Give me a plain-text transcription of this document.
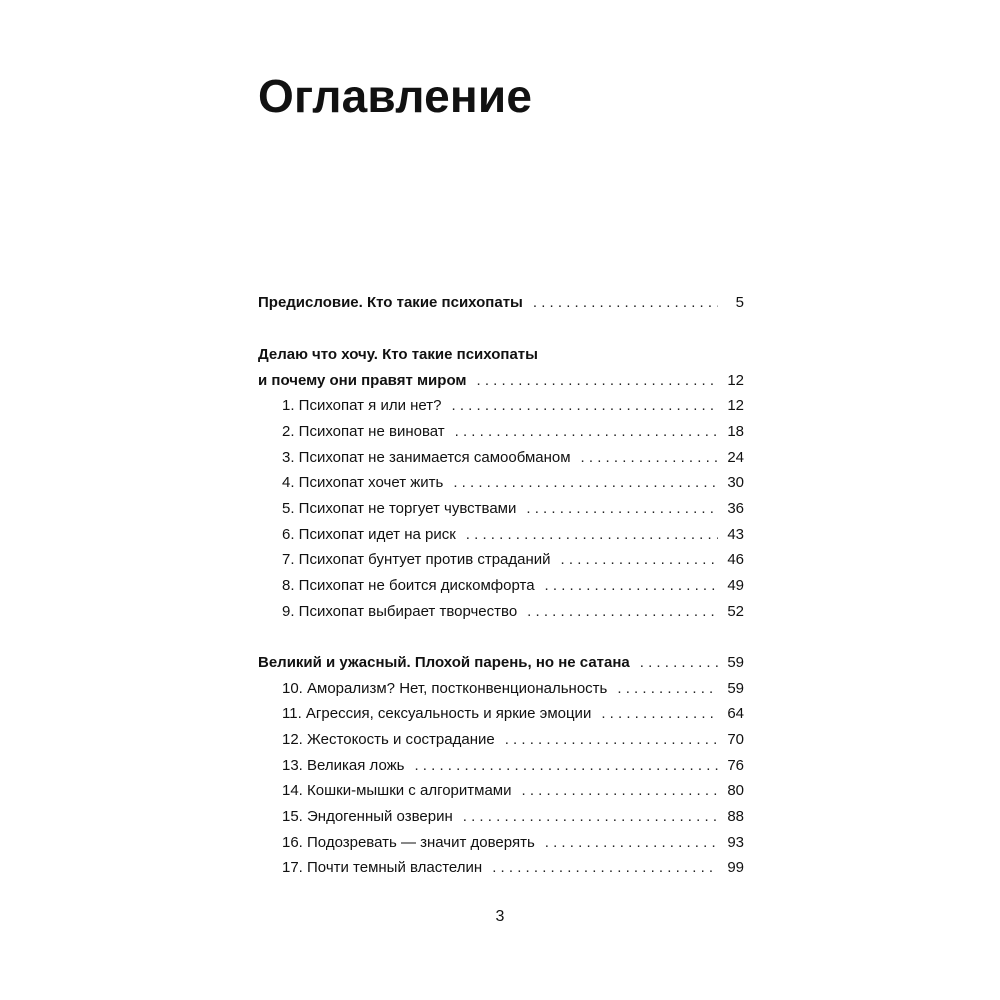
Оглавление
Предисловие. Кто такие психопаты . . .	5
Делаю что хочу. Кто такие психопаты
и почему они правят миром . . .	12
1. Психопат я или нет? . . .	12
2. Психопат не виноват . . .	18
3. Психопат не занимается самообманом . . .	24
4. Психопат хочет жить . . .	30
5. Психопат не торгует чувствами . . .	36
6. Психопат идет на риск . . .	43
7. Психопат бунтует против страданий . . .	46
8. Психопат не боится дискомфорта . . .	49
9. Психопат выбирает творчество . . .	52
Великий и ужасный. Плохой парень, но не сатана . . .	59
10. Аморализм? Нет, постконвенциональность . . .	59
11. Агрессия, сексуальность и яркие эмоции . . .	64
12. Жестокость и сострадание . . .	70
13. Великая ложь . . .	76
14. Кошки-мышки с алгоритмами . . .	80
15. Эндогенный озверин . . .	88
16. Подозревать — значит доверять . . .	93
17. Почти темный властелин . . .	99
3
